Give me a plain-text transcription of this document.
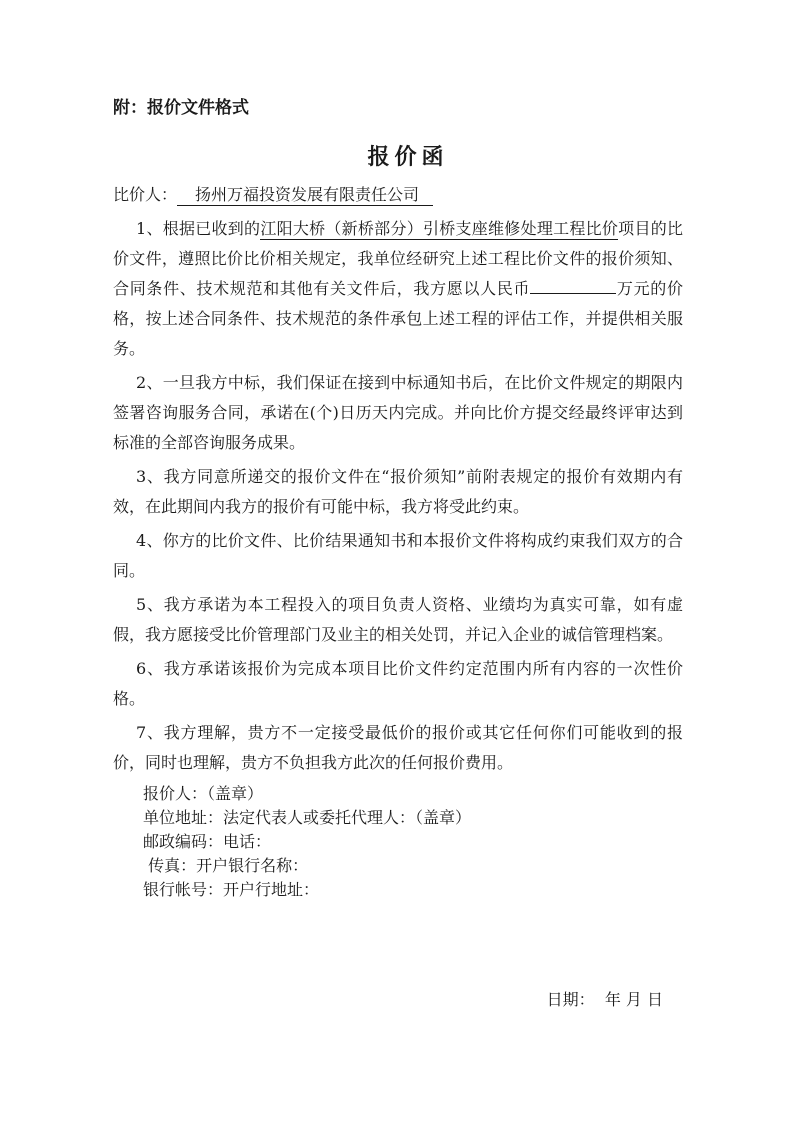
附：报价文件格式
报价函

比价人： 扬州万福投资发展有限责任公司

1、根据已收到的江阳大桥（新桥部分）引桥支座维修处理工程比价项目的比价文件，遵照比价比价相关规定，我单位经研究上述工程比价文件的报价须知、合同条件、技术规范和其他有关文件后，我方愿以人民币	万元的价格，按上述合同条件、技术规范的条件承包上述工程的评估工作，并提供相关服务。

2、一旦我方中标，我们保证在接到中标通知书后，在比价文件规定的期限内签署咨询服务合同，承诺在(个)日历天内完成。并向比价方提交经最终评审达到标准的全部咨询服务成果。

3、我方同意所递交的报价文件在“报价须知”前附表规定的报价有效期内有效，在此期间内我方的报价有可能中标，我方将受此约束。

4、你方的比价文件、比价结果通知书和本报价文件将构成约束我们双方的合同。

5、我方承诺为本工程投入的项目负责人资格、业绩均为真实可靠，如有虚假，我方愿接受比价管理部门及业主的相关处罚，并记入企业的诚信管理档案。

6、我方承诺该报价为完成本项目比价文件约定范围内所有内容的一次性价格。

7、我方理解，贵方不一定接受最低价的报价或其它任何你们可能收到的报价，同时也理解，贵方不负担我方此次的任何报价费用。

报价人：（盖章）

单位地址：法定代表人或委托代理人：（盖章）

邮政编码：电话：

传真：开户银行名称：

银行帐号：开户行地址：

日期：  年 月 日
